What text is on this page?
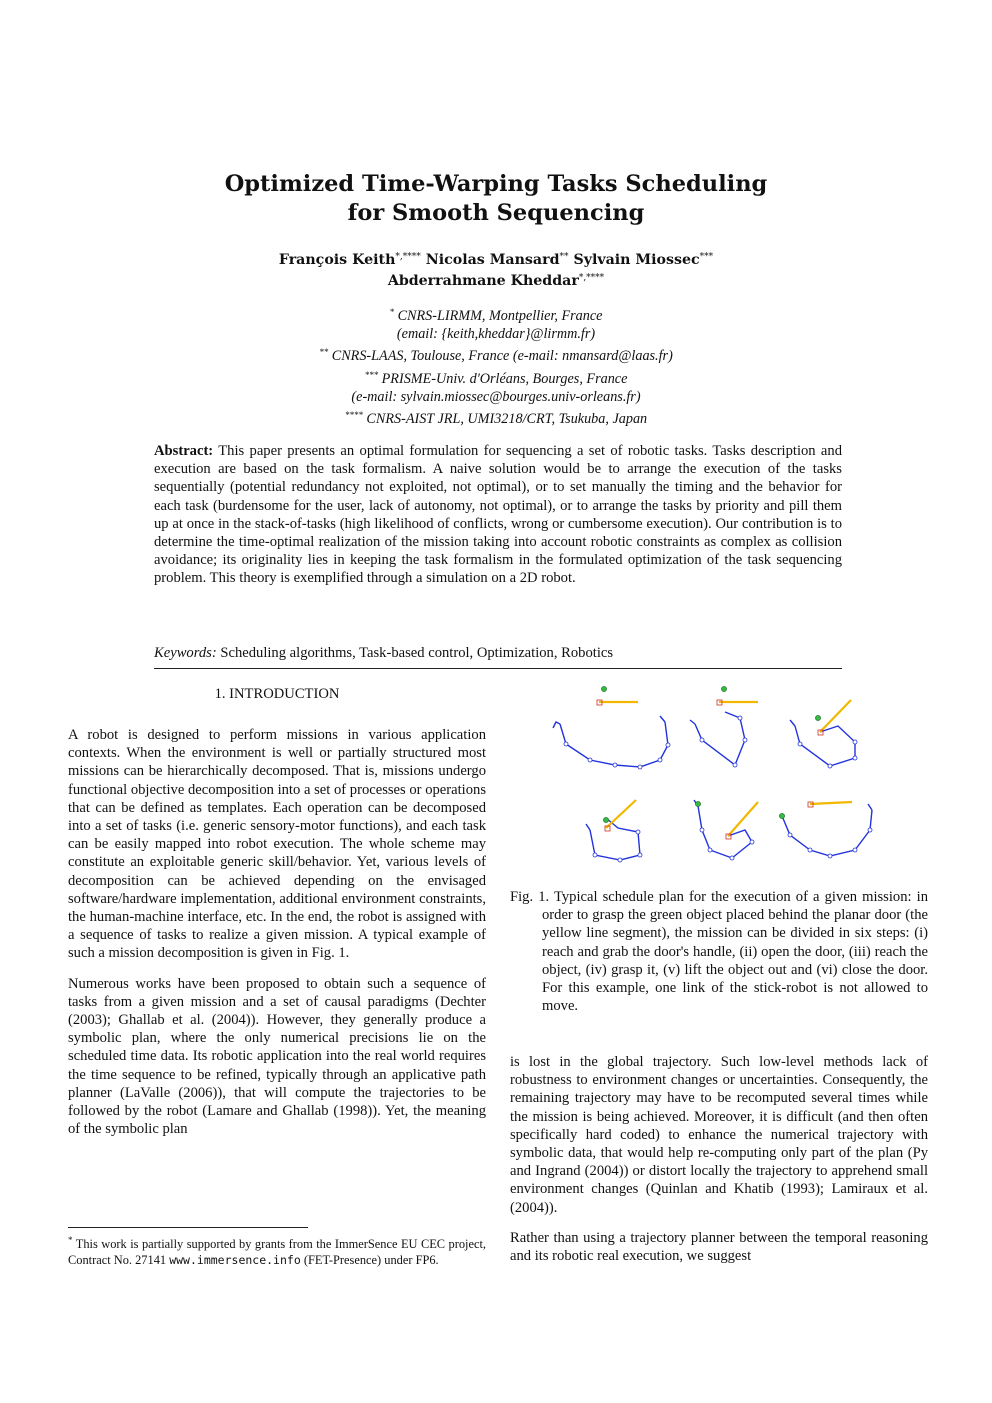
Optimized Time-Warping Tasks Scheduling
for Smooth Sequencing
François Keith*,**** Nicolas Mansard** Sylvain Miossec***
Abderrahmane Kheddar*,****
* CNRS-LIRMM, Montpellier, France
(email: {keith,kheddar}@lirmm.fr)
** CNRS-LAAS, Toulouse, France (e-mail: nmansard@laas.fr)
*** PRISME-Univ. d'Orléans, Bourges, France
(e-mail: sylvain.miossec@bourges.univ-orleans.fr)
**** CNRS-AIST JRL, UMI3218/CRT, Tsukuba, Japan
Abstract: This paper presents an optimal formulation for sequencing a set of robotic tasks. Tasks description and execution are based on the task formalism. A naive solution would be to arrange the execution of the tasks sequentially (potential redundancy not exploited, not optimal), or to set manually the timing and the behavior for each task (burdensome for the user, lack of autonomy, not optimal), or to arrange the tasks by priority and pill them up at once in the stack-of-tasks (high likelihood of conflicts, wrong or cumbersome execution). Our contribution is to determine the time-optimal realization of the mission taking into account robotic constraints as complex as collision avoidance; its originality lies in keeping the task formalism in the formulated optimization of the task sequencing problem. This theory is exemplified through a simulation on a 2D robot.
Keywords: Scheduling algorithms, Task-based control, Optimization, Robotics
1. INTRODUCTION

A robot is designed to perform missions in various application contexts. When the environment is well or partially structured most missions can be hierarchically decomposed. That is, missions undergo functional objective decomposition into a set of processes or operations that can be defined as templates. Each operation can be decomposed into a set of tasks (i.e. generic sensory-motor functions), and each task can be easily mapped into robot execution. The whole scheme may constitute an exploitable generic skill/behavior. Yet, various levels of decomposition can be achieved depending on the envisaged software/hardware implementation, additional environment constraints, the human-machine interface, etc. In the end, the robot is assigned with a sequence of tasks to realize a given mission. A typical example of such a mission decomposition is given in Fig. 1.

Numerous works have been proposed to obtain such a sequence of tasks from a given mission and a set of causal paradigms (Dechter (2003); Ghallab et al. (2004)). However, they generally produce a symbolic plan, where the only numerical precisions lie on the scheduled time data. Its robotic application into the real world requires the time sequence to be refined, typically through an applicative path planner (LaValle (2006)), that will compute the trajectories to be followed by the robot (Lamare and Ghallab (1998)). Yet, the meaning of the symbolic plan

* This work is partially supported by grants from the ImmerSence EU CEC project, Contract No. 27141 www.immersence.info (FET-Presence) under FP6.
Fig. 1. Typical schedule plan for the execution of a given mission: in order to grasp the green object placed behind the planar door (the yellow line segment), the mission can be divided in six steps: (i) reach and grab the door's handle, (ii) open the door, (iii) reach the object, (iv) grasp it, (v) lift the object out and (vi) close the door. For this example, one link of the stick-robot is not allowed to move.

is lost in the global trajectory. Such low-level methods lack of robustness to environment changes or uncertainties. Consequently, the remaining trajectory may have to be recomputed several times while the mission is being achieved. Moreover, it is difficult (and then often specifically hard coded) to enhance the numerical trajectory with symbolic data, that would help re-computing only part of the plan (Py and Ingrand (2004)) or distort locally the trajectory to apprehend small environment changes (Quinlan and Khatib (1993); Lamiraux et al. (2004)).

Rather than using a trajectory planner between the temporal reasoning and its robotic real execution, we suggest
